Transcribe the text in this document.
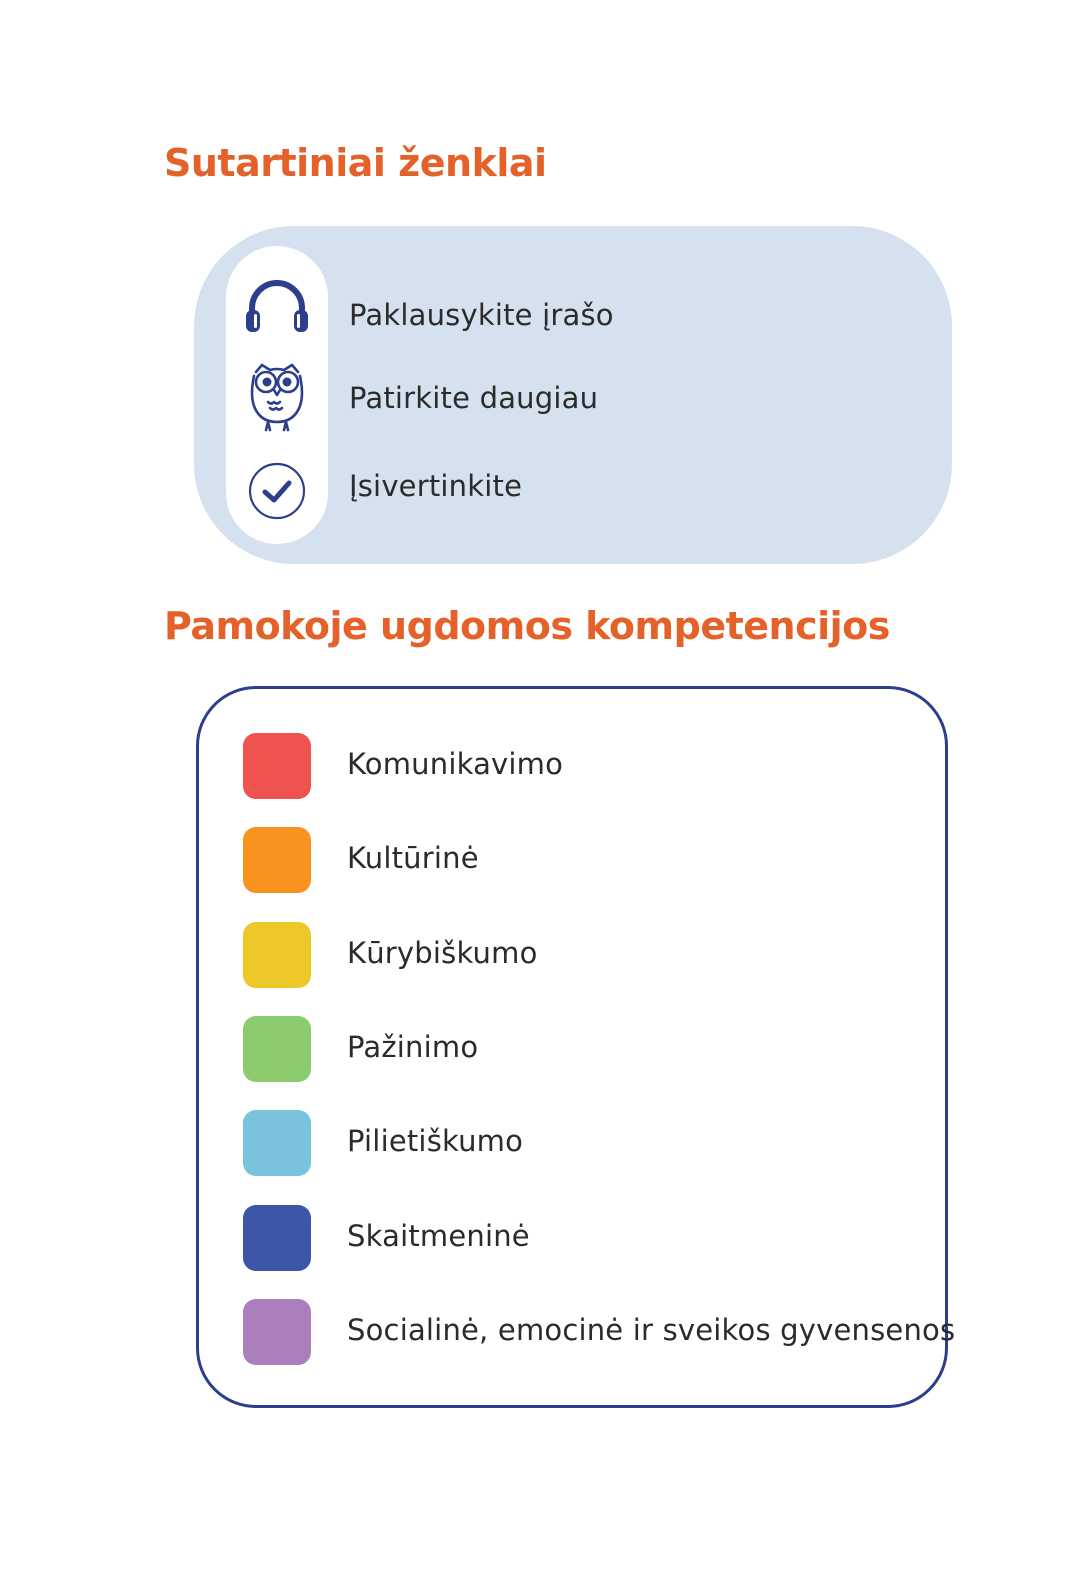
Sutartiniai ženklai
Paklausykite įrašo
Patirkite daugiau
Įsivertinkite
Pamokoje ugdomos kompetencijos
Komunikavimo
Kultūrinė
Kūrybiškumo
Pažinimo
Pilietiškumo
Skaitmeninė
Socialinė, emocinė ir sveikos gyvensenos
